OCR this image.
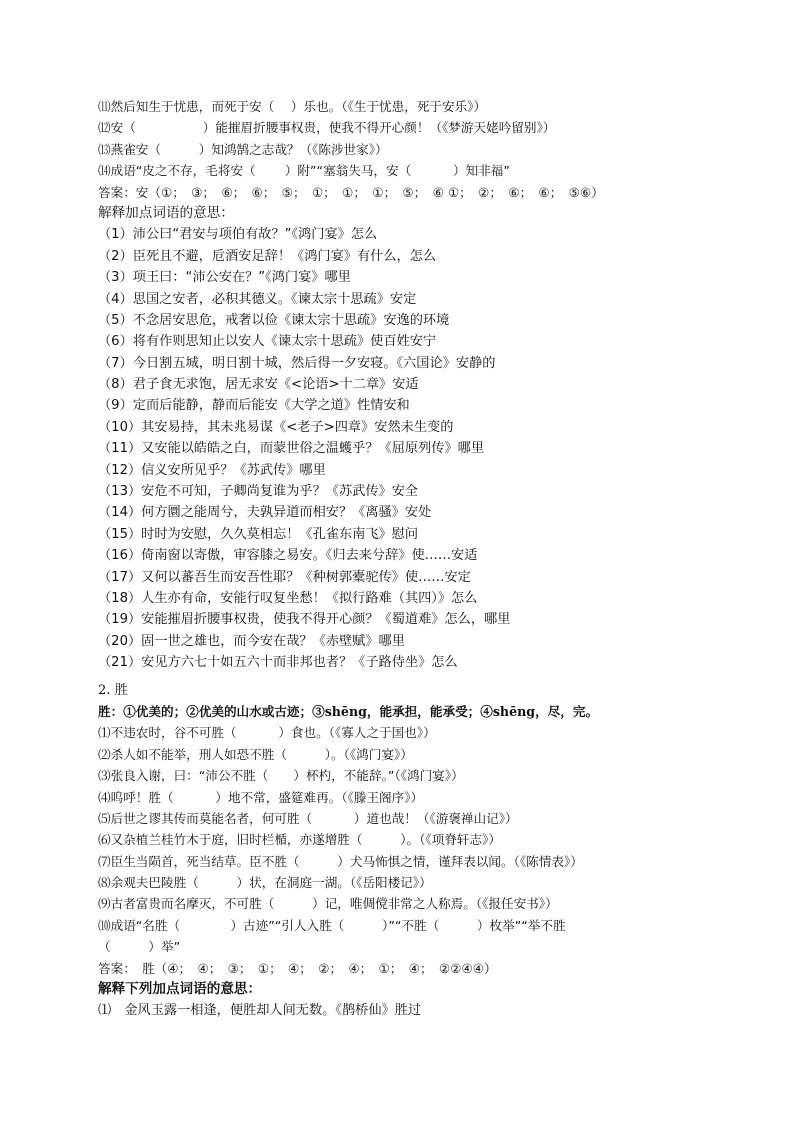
⑾然后知生于忧患，而死于安（　 ）乐也。（《生于忧患，死于安乐》）
⑿安（　　　　　 ）能摧眉折腰事权贵，使我不得开心颜！（《梦游天姥吟留别》）
⒀燕雀安（　　　）知鸿鹄之志哉？（《陈涉世家》）
⒁成语“皮之不存，毛将安（　　 ）附”“塞翁失马，安（　　　 ）知非福”
答案：安（①；　③；　⑥；　⑥；　⑤；　①；　①；　①；　⑤；　⑥ ①；　②；　⑥；　⑥；　⑤⑥）
解释加点词语的意思：
（1）沛公曰“君安与项伯有故？”《鸿门宴》怎么
（2）臣死且不避，卮酒安足辞！《鸿门宴》有什么，怎么
（3）项王曰：“沛公安在？”《鸿门宴》哪里
（4）思国之安者，必积其德义。《谏太宗十思疏》安定
（5）不念居安思危，戒奢以俭《谏太宗十思疏》安逸的环境
（6）将有作则思知止以安人《谏太宗十思疏》使百姓安宁
（7）今日割五城，明日割十城，然后得一夕安寝。《六国论》安静的
（8）君子食无求饱，居无求安《<论语>十二章》安适
（9）定而后能静，静而后能安《大学之道》性情安和
（10）其安易持，其未兆易谋《<老子>四章》安然未生变的
（11）又安能以皓皓之白，而蒙世俗之温蠖乎？《屈原列传》哪里
（12）信义安所见乎？《苏武传》哪里
（13）安危不可知，子卿尚复谁为乎？《苏武传》安全
（14）何方圜之能周兮，夫孰异道而相安？《离骚》安处
（15）时时为安慰，久久莫相忘！《孔雀东南飞》慰问
（16）倚南窗以寄傲，审容膝之易安。《归去来兮辞》使……安适
（17）又何以蕃吾生而安吾性耶？《种树郭橐驼传》使……安定
（18）人生亦有命，安能行叹复坐愁！《拟行路难（其四）》怎么
（19）安能摧眉折腰事权贵，使我不得开心颜？《蜀道难》怎么，哪里
（20）固一世之雄也，而今安在哉？《赤壁赋》哪里
（21）安见方六七十如五六十而非邦也者？《子路侍坐》怎么
2. 胜
胜：①优美的；②优美的山水或古迹；③shēng，能承担，能承受；④shēng，尽，完。
⑴不违农时，谷不可胜（　　　 ）食也。（《寡人之于国也》）
⑵杀人如不能举，刑人如恐不胜（　　　）。（《鸿门宴》）
⑶张良入谢，曰：“沛公不胜（　　）杯杓，不能辞。”（《鸿门宴》）
⑷呜呼！胜（　　　 ）地不常，盛筵难再。（《滕王阁序》）
⑸后世之谬其传而莫能名者，何可胜（　　　 ）道也哉！（《游褒禅山记》）
⑹又杂植兰桂竹木于庭，旧时栏楯，亦遂增胜（　　　）。（《项脊轩志》）
⑺臣生当陨首，死当结草。臣不胜（　　　）犬马怖惧之情，谨拜表以闻。（《陈情表》）
⑻余观夫巴陵胜（　　　）状，在洞庭一湖。（《岳阳楼记》）
⑼古者富贵而名摩灭，不可胜（　　　）记，唯倜傥非常之人称焉。（《报任安书》）
⑽成语“名胜（　　　　）古迹”“引人入胜（　　　）”“不胜（　　　）枚举”“举不胜
（　　　）举”
答案：　胜（④；　④；　③；　①；　④；　②；　④；　①；　④；　②②④④）
解释下列加点词语的意思：
⑴　金风玉露一相逢，便胜却人间无数。《鹊桥仙》胜过
